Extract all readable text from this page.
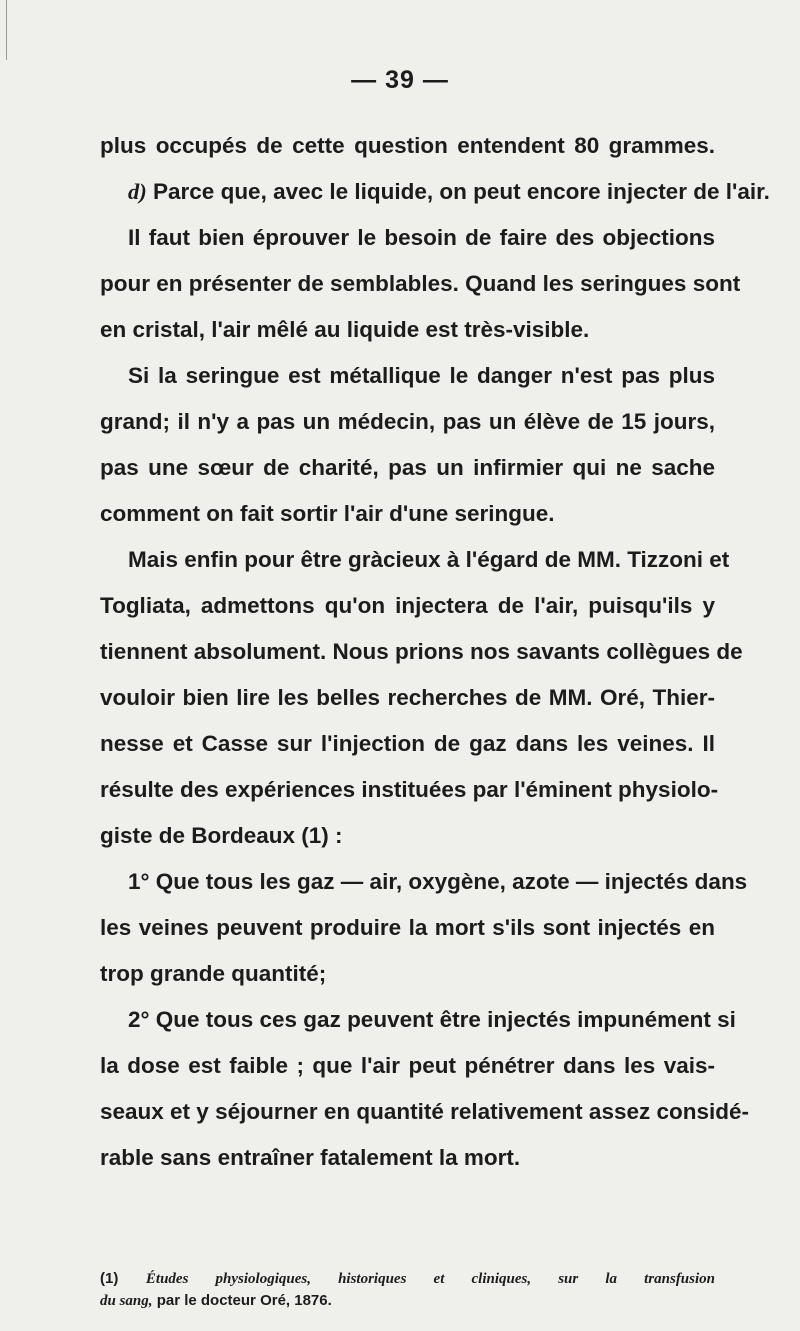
— 39 —
plus occupés de cette question entendent 80 grammes.
d) Parce que, avec le liquide, on peut encore injecter de l'air.
Il faut bien éprouver le besoin de faire des objections
pour en présenter de semblables. Quand les seringues sont
en cristal, l'air mêlé au liquide est très-visible.
Si la seringue est métallique le danger n'est pas plus
grand; il n'y a pas un médecin, pas un élève de 15 jours,
pas une sœur de charité, pas un infirmier qui ne sache
comment on fait sortir l'air d'une seringue.
Mais enfin pour être gràcieux à l'égard de MM. Tizzoni et
Togliata, admettons qu'on injectera de l'air, puisqu'ils y
tiennent absolument. Nous prions nos savants collègues de
vouloir bien lire les belles recherches de MM. Oré, Thier-
nesse et Casse sur l'injection de gaz dans les veines. Il
résulte des expériences instituées par l'éminent physiolo-
giste de Bordeaux (1) :
1° Que tous les gaz — air, oxygène, azote — injectés dans
les veines peuvent produire la mort s'ils sont injectés en
trop grande quantité;
2° Que tous ces gaz peuvent être injectés impunément si
la dose est faible ; que l'air peut pénétrer dans les vais-
seaux et y séjourner en quantité relativement assez considé-
rable sans entraîner fatalement la mort.
(1) Études physiologiques, historiques et cliniques, sur la transfusion
du sang, par le docteur Oré, 1876.
